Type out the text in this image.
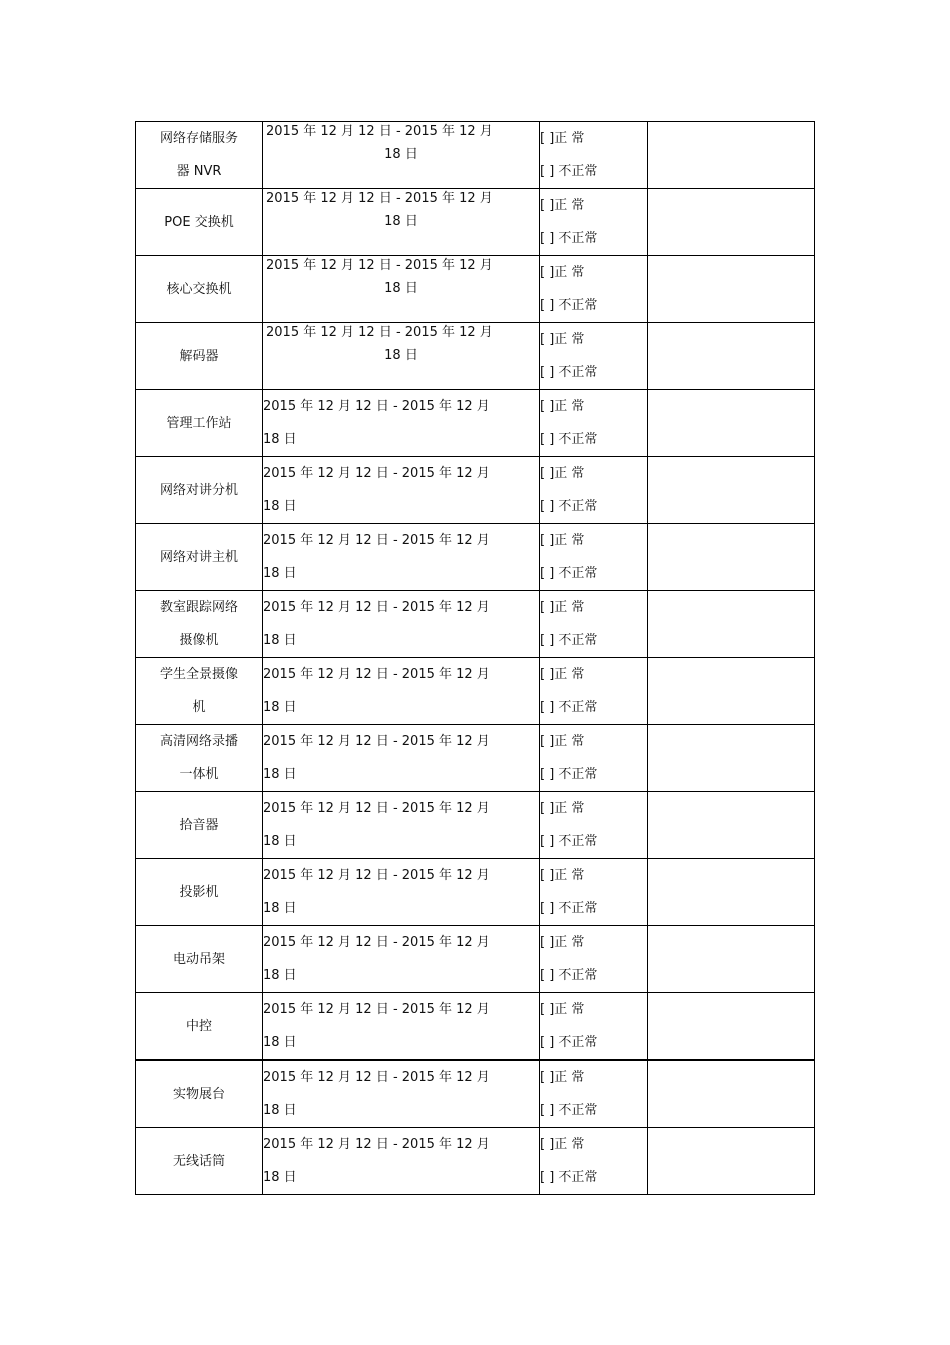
网络存储服务
器 NVR	2015 年 12 月 12 日 - 2015 年 12 月
18 日	[ ]正 常
[ ] 不正常	

POE 交换机	2015 年 12 月 12 日 - 2015 年 12 月
18 日	[ ]正 常
[ ] 不正常	

核心交换机	2015 年 12 月 12 日 - 2015 年 12 月
18 日	[ ]正 常
[ ] 不正常	

解码器	2015 年 12 月 12 日 - 2015 年 12 月
18 日	[ ]正 常
[ ] 不正常	

管理工作站	2015 年 12 月 12 日 - 2015 年 12 月
18 日	[ ]正 常
[ ] 不正常	

网络对讲分机	2015 年 12 月 12 日 - 2015 年 12 月
18 日	[ ]正 常
[ ] 不正常	

网络对讲主机	2015 年 12 月 12 日 - 2015 年 12 月
18 日	[ ]正 常
[ ] 不正常	

教室跟踪网络
摄像机	2015 年 12 月 12 日 - 2015 年 12 月
18 日	[ ]正 常
[ ] 不正常	

学生全景摄像
机	2015 年 12 月 12 日 - 2015 年 12 月
18 日	[ ]正 常
[ ] 不正常	

高清网络录播
一体机	2015 年 12 月 12 日 - 2015 年 12 月
18 日	[ ]正 常
[ ] 不正常	

拾音器	2015 年 12 月 12 日 - 2015 年 12 月
18 日	[ ]正 常
[ ] 不正常	

投影机	2015 年 12 月 12 日 - 2015 年 12 月
18 日	[ ]正 常
[ ] 不正常	

电动吊架	2015 年 12 月 12 日 - 2015 年 12 月
18 日	[ ]正 常
[ ] 不正常	

中控	2015 年 12 月 12 日 - 2015 年 12 月
18 日	[ ]正 常
[ ] 不正常	

实物展台	2015 年 12 月 12 日 - 2015 年 12 月
18 日	[ ]正 常
[ ] 不正常	

无线话筒	2015 年 12 月 12 日 - 2015 年 12 月
18 日	[ ]正 常
[ ] 不正常	
